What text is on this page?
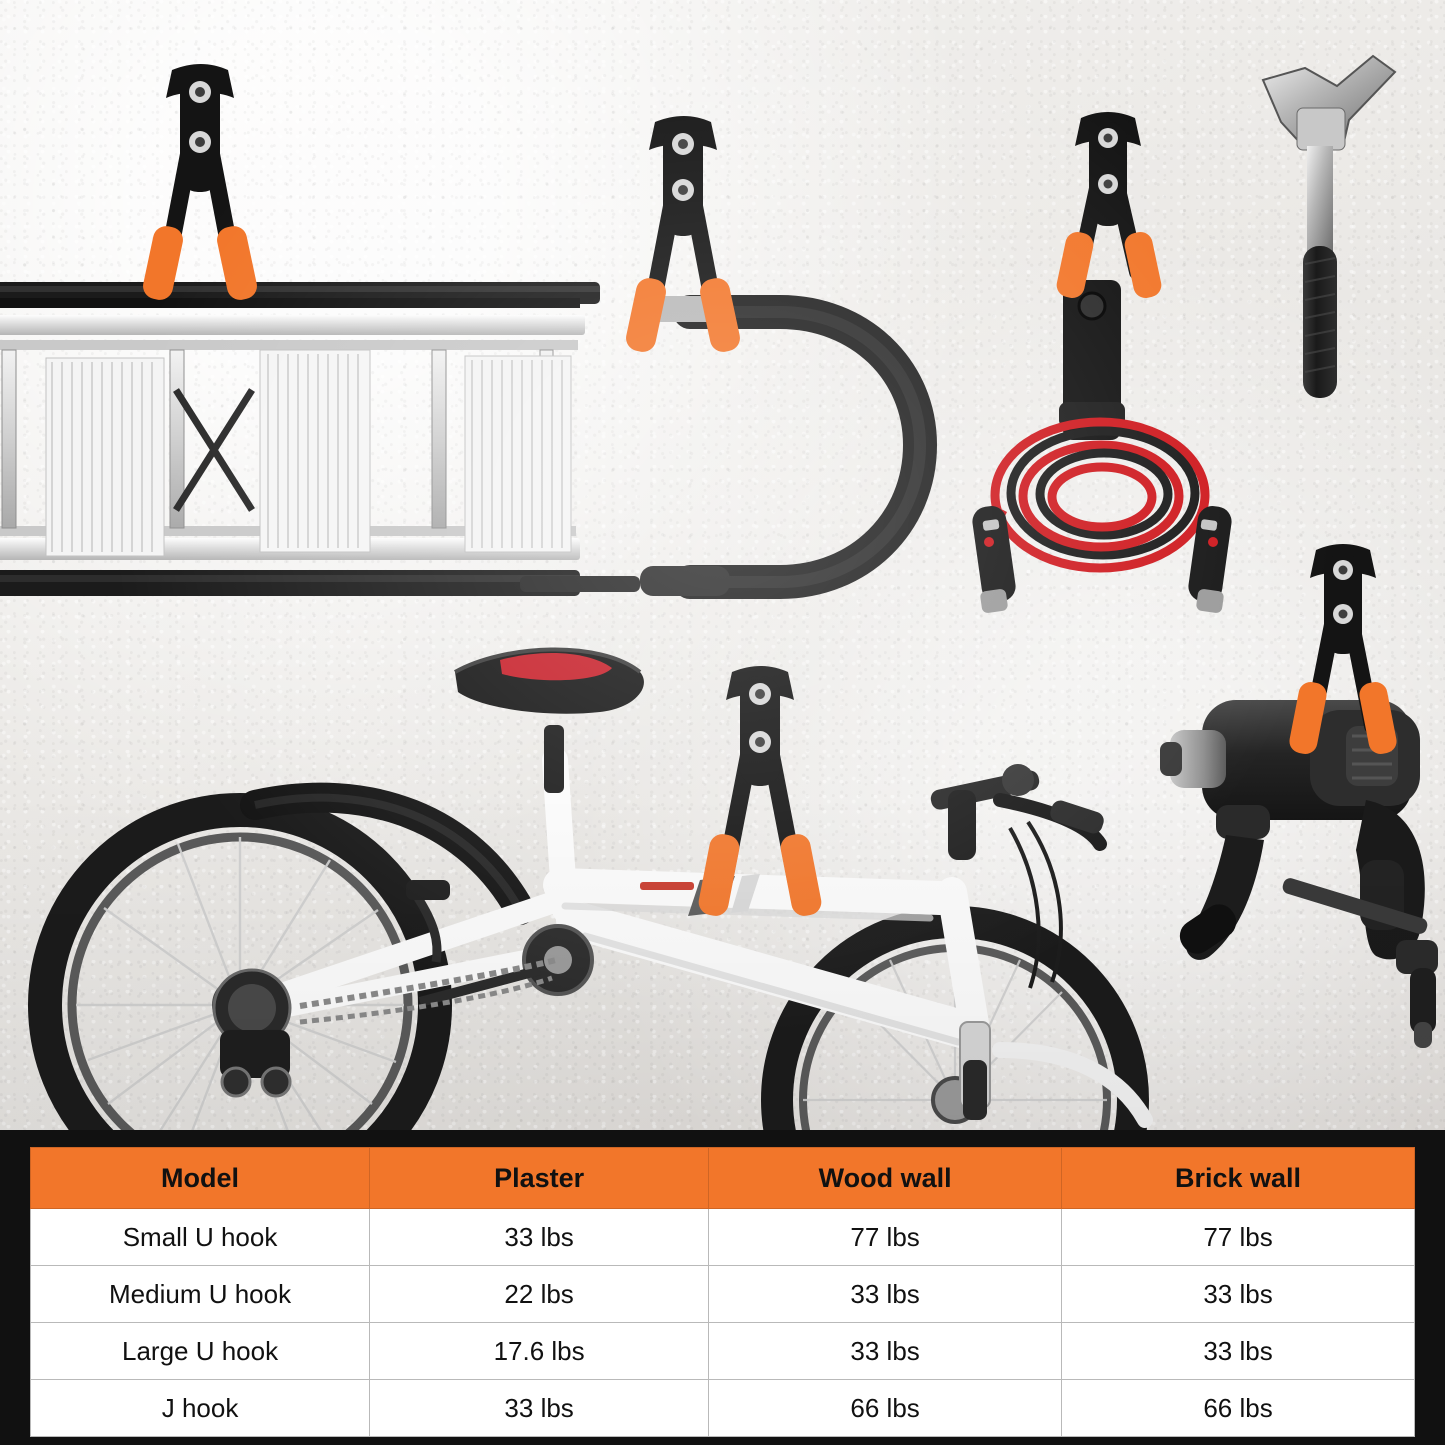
Model	Plaster	Wood wall	Brick wall
Small U hook	33 lbs	77 lbs	77 lbs
Medium U hook	22 lbs	33 lbs	33 lbs
Large U hook	17.6 lbs	33 lbs	33 lbs
J hook	33 lbs	66 lbs	66 lbs
